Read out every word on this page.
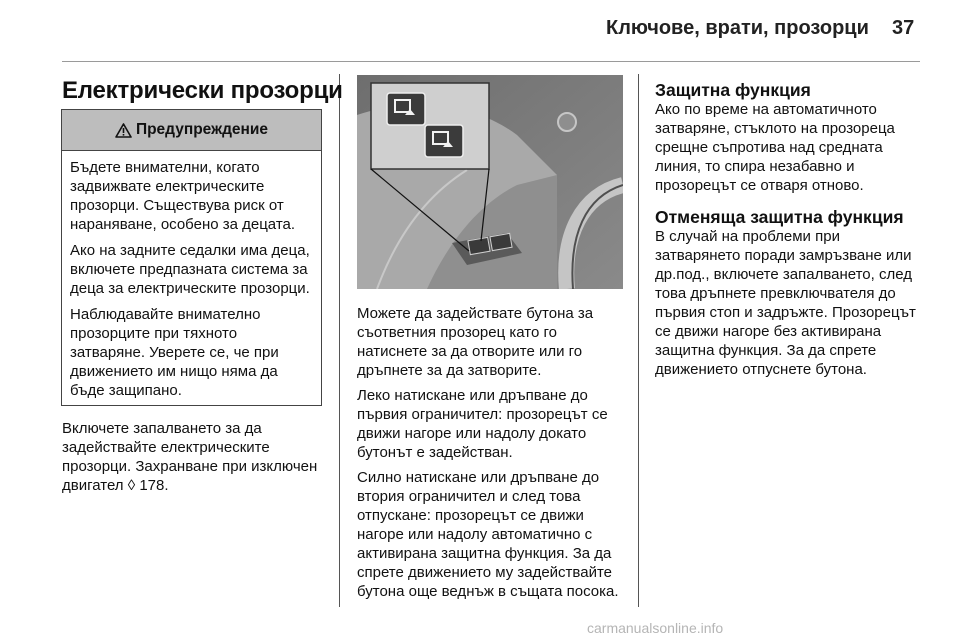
Ключове, врати, прозорци 37
Електрически прозорци
Предупреждение

Бъдете внимателни, когато задвижвате електрическите прозорци. Съществува риск от нараняване, особено за децата.

Ако на задните седалки има деца, включете предпазната система за деца за електрическите прозорци.

Наблюдавайте внимателно прозорците при тяхното затваряне. Уверете се, че при движението им нищо няма да бъде защипано.

Включете запалването за да задействайте електрическите прозорци. Захранване при изключен двигател ◊ 178.

Можете да задействате бутона за съответния прозорец като го натиснете за да отворите или го дръпнете за да затворите.

Леко натискане или дръпване до първия ограничител: прозорецът се движи нагоре или надолу докато бутонът е задействан.

Силно натискане или дръпване до втория ограничител и след това отпускане: прозорецът се движи нагоре или надолу автоматично с активирана защитна функция. За да спрете движението му задействайте бутона още веднъж в същата посока.

Защитна функция

Ако по време на автоматичното затваряне, стъклото на прозореца срещне съпротива над средната линия, то спира незабавно и прозорецът се отваря отново.

Отменяща защитна функция

В случай на проблеми при затварянето поради замръзване или др.под., включете запалването, след това дръпнете превключвателя до първия стоп и задръжте. Прозорецът се движи нагоре без активирана защитна функция. За да спрете движението отпуснете бутона.

carmanualsonline.info
